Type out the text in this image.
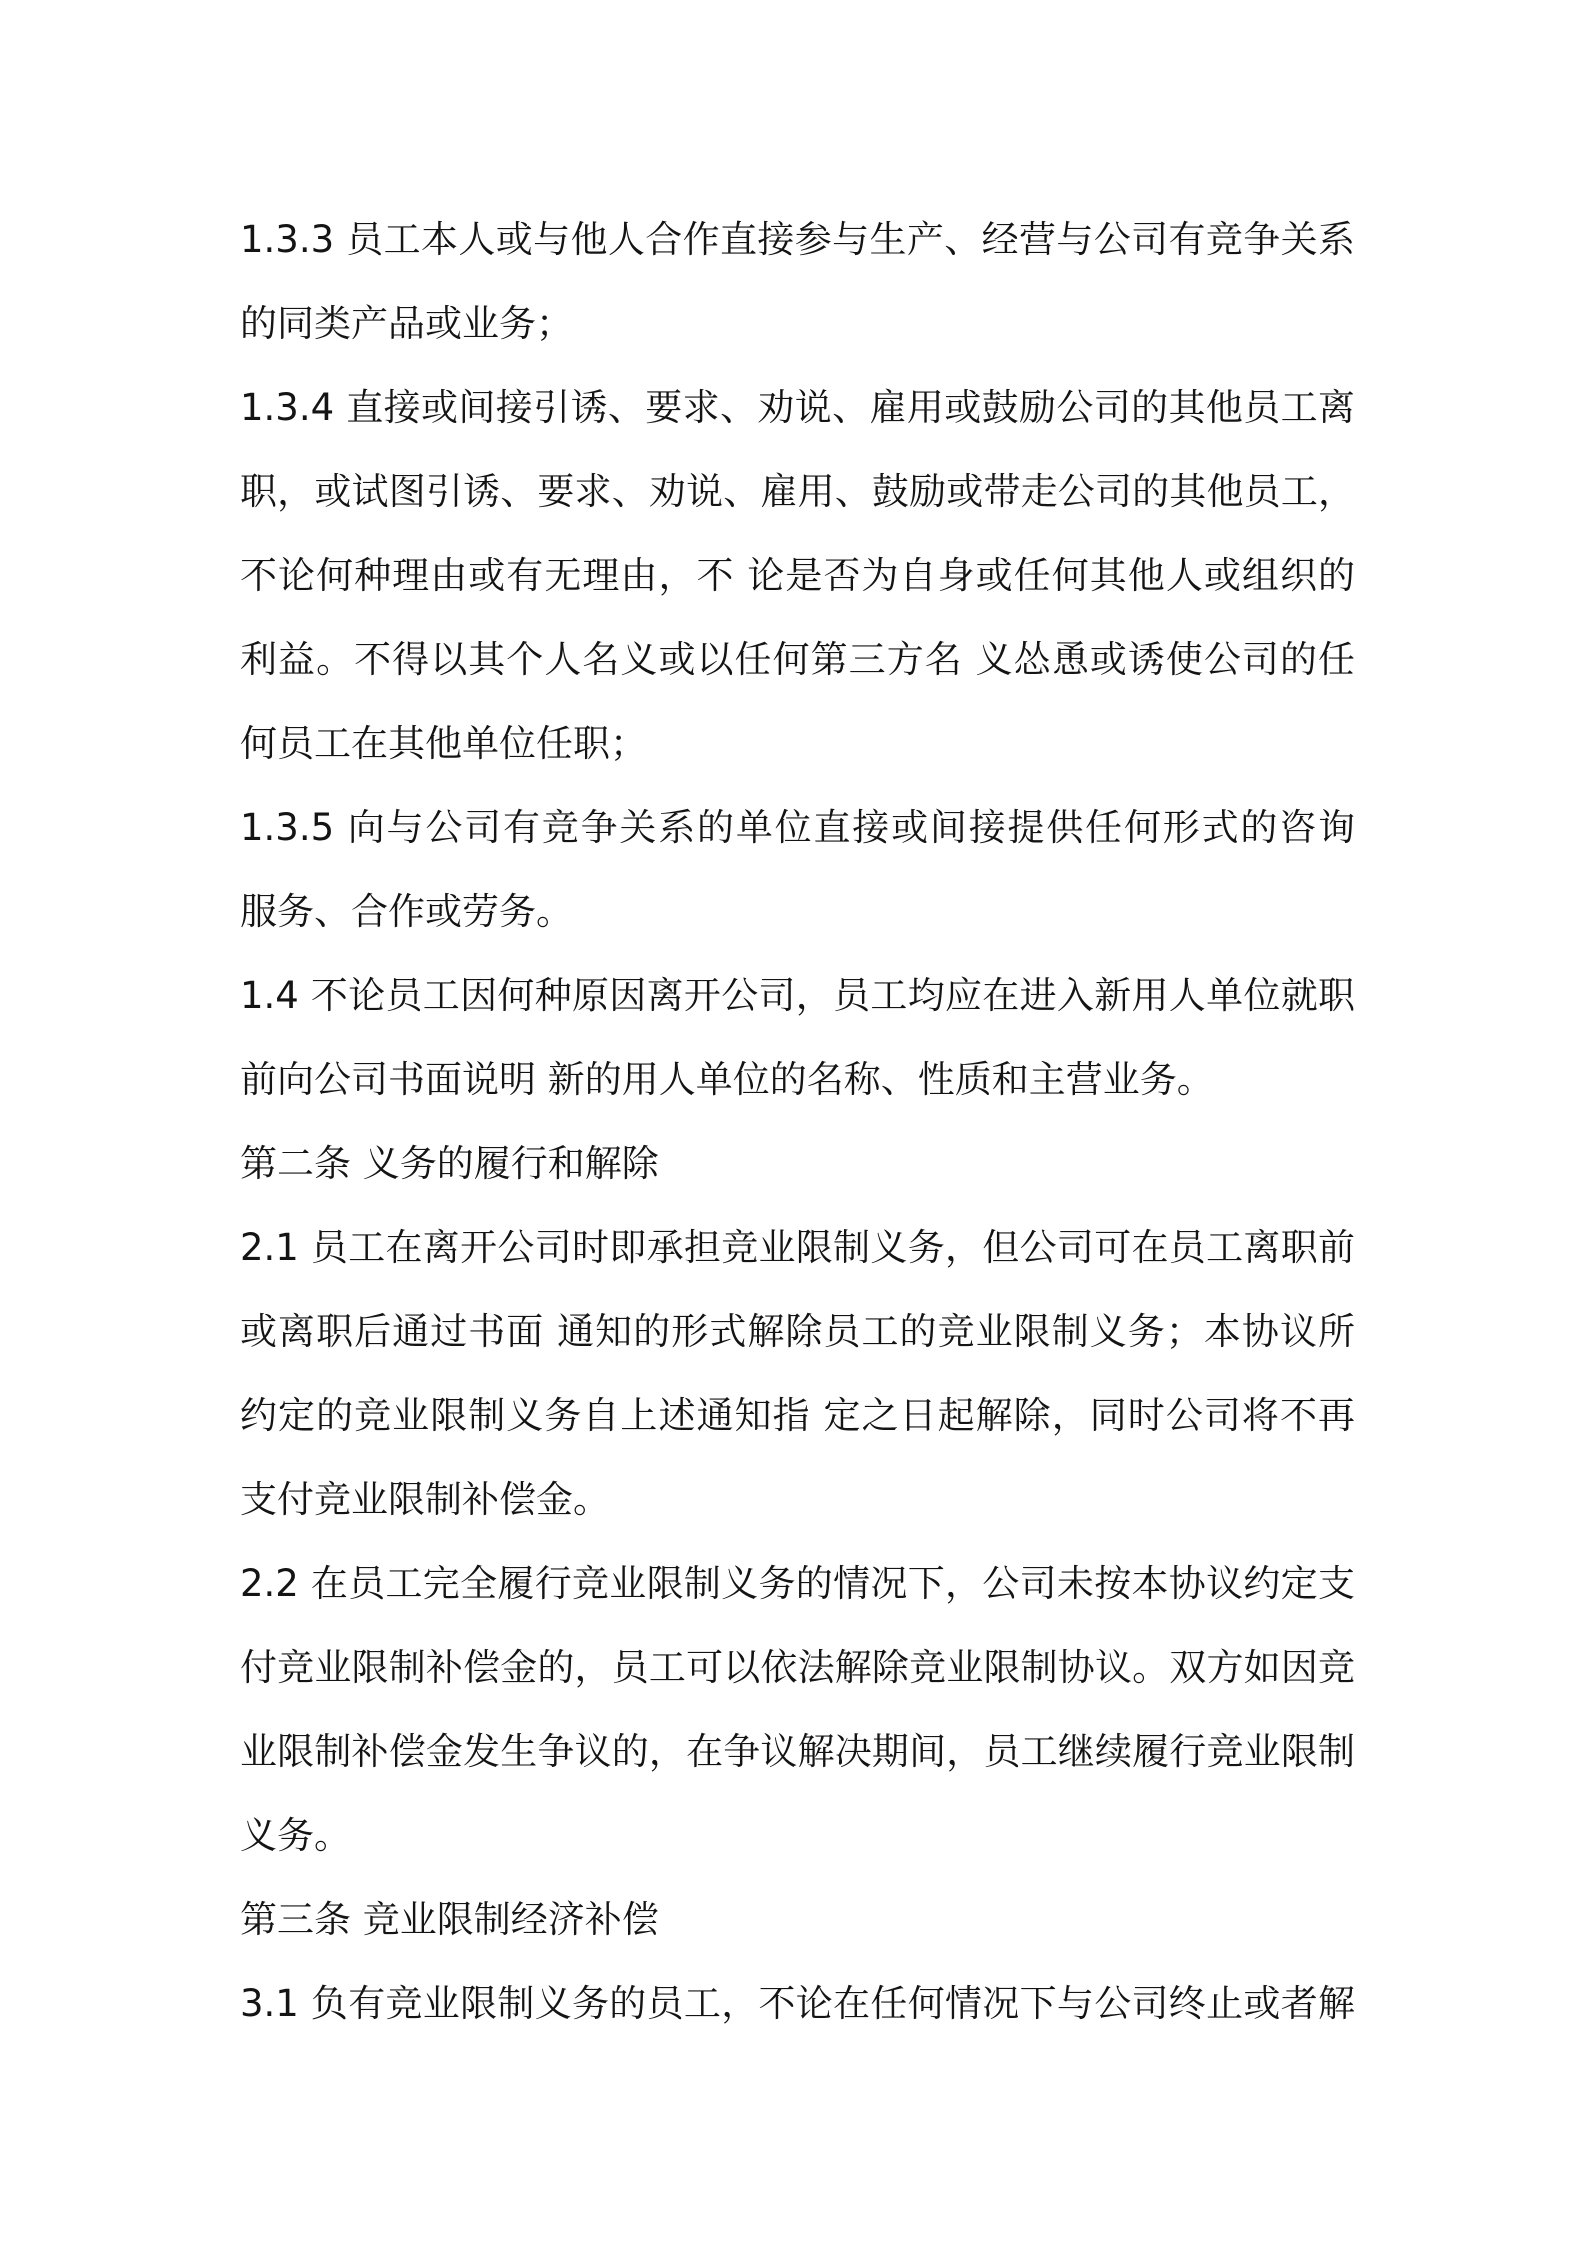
1.3.3 员工本人或与他人合作直接参与生产、经营与公司有竞争关系
的同类产品或业务；
1.3.4 直接或间接引诱、要求、劝说、雇用或鼓励公司的其他员工离
职，或试图引诱、要求、劝说、雇用、鼓励或带走公司的其他员工，
不论何种理由或有无理由，不 论是否为自身或任何其他人或组织的
利益。不得以其个人名义或以任何第三方名 义怂恿或诱使公司的任
何员工在其他单位任职；
1.3.5 向与公司有竞争关系的单位直接或间接提供任何形式的咨询
服务、合作或劳务。
1.4 不论员工因何种原因离开公司，员工均应在进入新用人单位就职
前向公司书面说明 新的用人单位的名称、性质和主营业务。
第二条 义务的履行和解除
2.1 员工在离开公司时即承担竞业限制义务，但公司可在员工离职前
或离职后通过书面 通知的形式解除员工的竞业限制义务；本协议所
约定的竞业限制义务自上述通知指 定之日起解除，同时公司将不再
支付竞业限制补偿金。
2.2 在员工完全履行竞业限制义务的情况下，公司未按本协议约定支
付竞业限制补偿金的，员工可以依法解除竞业限制协议。双方如因竞
业限制补偿金发生争议的，在争议解决期间，员工继续履行竞业限制
义务。
第三条 竞业限制经济补偿
3.1 负有竞业限制义务的员工，不论在任何情况下与公司终止或者解
